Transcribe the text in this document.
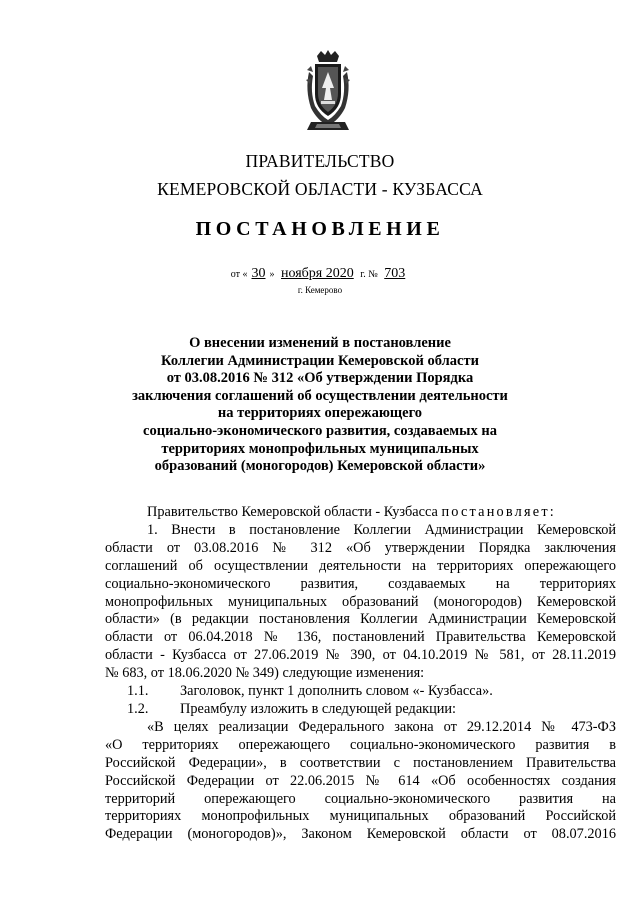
ПРАВИТЕЛЬСТВО
КЕМЕРОВСКОЙ ОБЛАСТИ - КУЗБАССА
ПОСТАНОВЛЕНИЕ
от « 30 » ноября 2020 г. № 703
г. Кемерово
О внесении изменений в постановление
Коллегии Администрации Кемеровской области
от 03.08.2016 № 312 «Об утверждении Порядка
заключения соглашений об осуществлении деятельности
на территориях опережающего
социально-экономического развития, создаваемых на
территориях монопрофильных муниципальных
образований (моногородов) Кемеровской области»
Правительство Кемеровской области - Кузбасса постановляет:
1. Внести в постановление Коллегии Администрации Кемеровской
области от 03.08.2016 № 312 «Об утверждении Порядка заключения
соглашений об осуществлении деятельности на территориях опережающего
социально-экономического развития, создаваемых на территориях
монопрофильных муниципальных образований (моногородов) Кемеровской
области» (в редакции постановления Коллегии Администрации Кемеровской
области от 06.04.2018 № 136, постановлений Правительства Кемеровской
области - Кузбасса от 27.06.2019 № 390, от 04.10.2019 № 581, от 28.11.2019
№ 683, от 18.06.2020 № 349) следующие изменения:
1.1. Заголовок, пункт 1 дополнить словом «- Кузбасса».
1.2. Преамбулу изложить в следующей редакции:
«В целях реализации Федерального закона от 29.12.2014 № 473-ФЗ
«О территориях опережающего социально-экономического развития в
Российской Федерации», в соответствии с постановлением Правительства
Российской Федерации от 22.06.2015 № 614 «Об особенностях создания
территорий опережающего социально-экономического развития на
территориях монопрофильных муниципальных образований Российской
Федерации (моногородов)», Законом Кемеровской области от 08.07.2016
